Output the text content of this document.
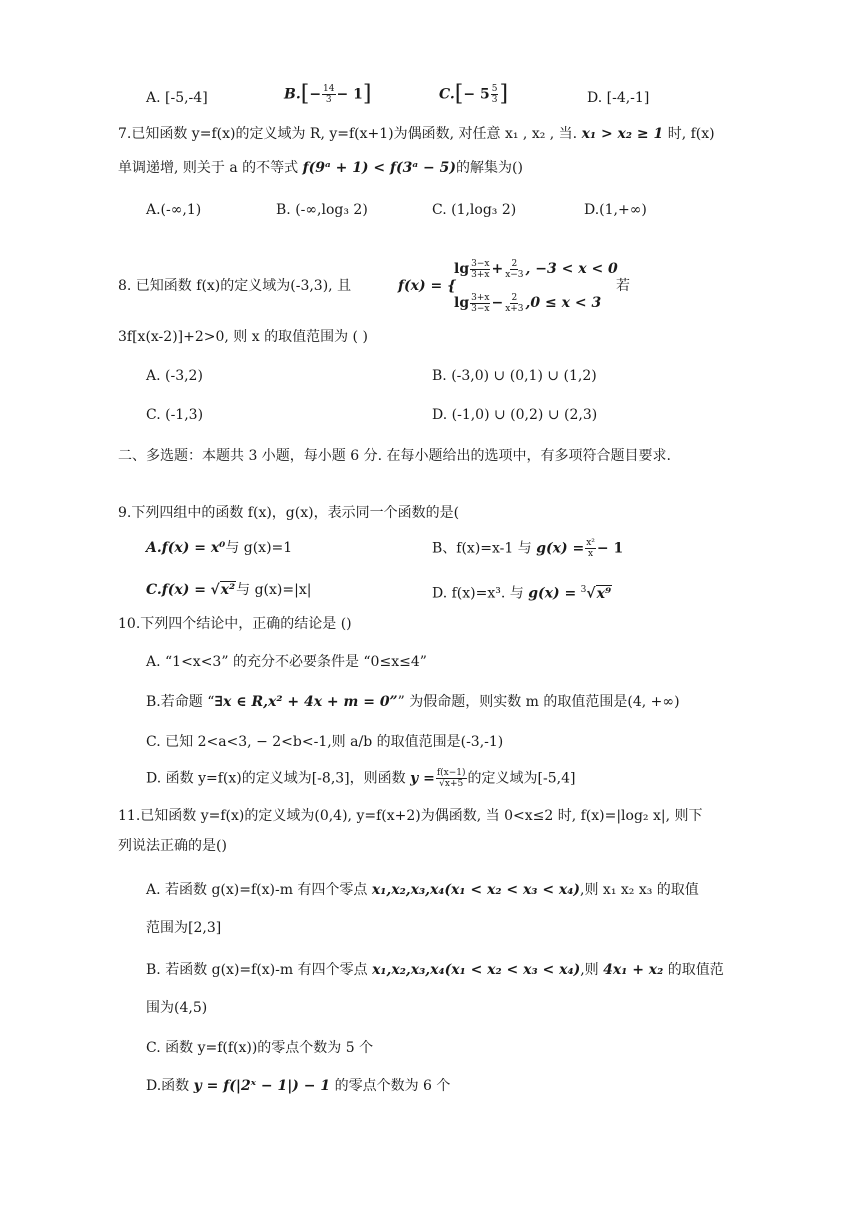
A. [-5,-4]	$B.[- \frac{14}{3} - 1]$	$C.[- 5 \frac{5}{3}$ ]	D. [-4,-1]
7.已知函数 y=f(x)的定义域为 R, y=f(x+1)为偶函数, 对任意 x₁ , x₂ , 当. x₁ > x₂ ≥ 1 时, f(x)
单调递增, 则关于 a 的不等式 f(9ᵃ + 1) < f(3ᵃ − 5)的解集为()
A.(-∞,1)	B. (-∞,log₃ 2)	C. (1,log₃ 2)	D.(1,+∞)
8. 已知函数 f(x)的定义域为(-3,3), 且	f(x) = {
$\lg \frac{3-x}{3+x} + \frac{2}{x-3}$ , −3 < x < 0
$\lg \frac{3+x}{3-x} - \frac{2}{x+3} ,0 \le x < 3$
若
3f[x(x-2)]+2>0, 则 x 的取值范围为 ( )
A. (-3,2)	B. (-3,0) ∪ (0,1) ∪ (1,2)
C. (-1,3)	D. (-1,0) ∪ (0,2) ∪ (2,3)
二、多选题：本题共 3 小题，每小题 6 分. 在每小题给出的选项中，有多项符合题目要求.
9.下列四组中的函数 f(x)，g(x)，表示同一个函数的是(
A.f(x) = x⁰与 g(x)=1	B、f(x)=x-1 与 $g(x) = \frac{\text{x²}}{x} - 1$
C.f(x) = √x²与 g(x)=|x|	D. f(x)=x³. 与 g(x) = $^3$√x⁹
10.下列四个结论中，正确的结论是 ()
A. “1<x<3” 的充分不必要条件是 “0≤x≤4”
B.若命题 “∃x ∈ R,x² + 4x + m = 0”” 为假命题，则实数 m 的取值范围是(4, +∞)
C. 已知 2<a<3, − 2<b<-1,则 a/b 的取值范围是(-3,-1)
D. 函数 y=f(x)的定义域为[-8,3]，则函数 $y = \frac{f(x-1)}{√x+5}$ 的定义域为[-5,4]
11.已知函数 y=f(x)的定义域为(0,4), y=f(x+2)为偶函数, 当 0<x≤2 时, f(x)=|log₂ x|, 则下
列说法正确的是()
A. 若函数 g(x)=f(x)-m 有四个零点 x₁,x₂,x₃,x₄(x₁ < x₂ < x₃ < x₄),则 x₁ x₂ x₃ 的取值
范围为[2,3]
B. 若函数 g(x)=f(x)-m 有四个零点 x₁,x₂,x₃,x₄(x₁ < x₂ < x₃ < x₄),则 4x₁ + x₂ 的取值范
围为(4,5)
C. 函数 y=f(f(x))的零点个数为 5 个
D.函数 y = f(|2ˣ − 1|) − 1 的零点个数为 6 个
